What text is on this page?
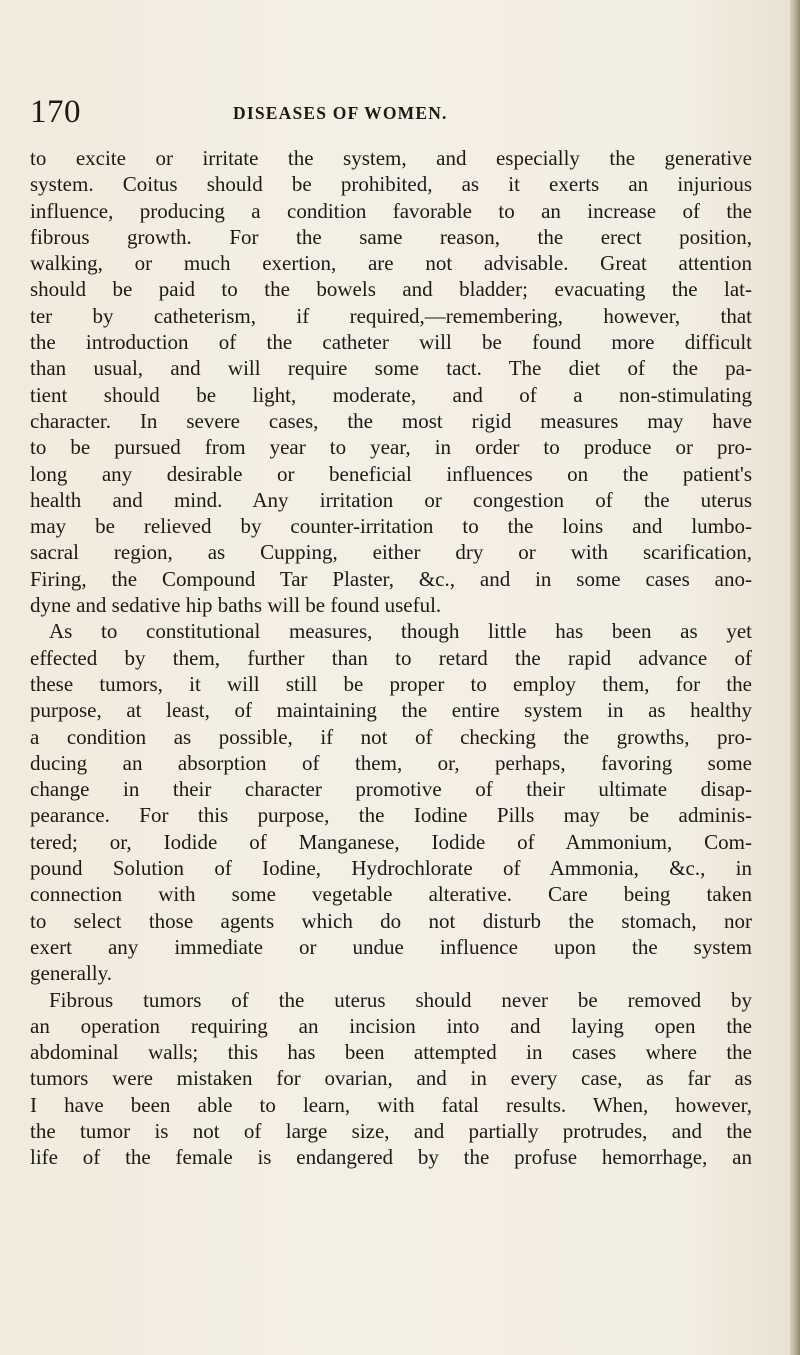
170	DISEASES OF WOMEN.
to excite or irritate the system, and especially the generative
system. Coitus should be prohibited, as it exerts an injurious
influence, producing a condition favorable to an increase of the
fibrous growth. For the same reason, the erect position,
walking, or much exertion, are not advisable. Great attention
should be paid to the bowels and bladder; evacuating the lat-
ter by catheterism, if required,—remembering, however, that
the introduction of the catheter will be found more difficult
than usual, and will require some tact. The diet of the pa-
tient should be light, moderate, and of a non-stimulating
character. In severe cases, the most rigid measures may have
to be pursued from year to year, in order to produce or pro-
long any desirable or beneficial influences on the patient's
health and mind. Any irritation or congestion of the uterus
may be relieved by counter-irritation to the loins and lumbo-
sacral region, as Cupping, either dry or with scarification,
Firing, the Compound Tar Plaster, &c., and in some cases ano-
dyne and sedative hip baths will be found useful.
As to constitutional measures, though little has been as yet
effected by them, further than to retard the rapid advance of
these tumors, it will still be proper to employ them, for the
purpose, at least, of maintaining the entire system in as healthy
a condition as possible, if not of checking the growths, pro-
ducing an absorption of them, or, perhaps, favoring some
change in their character promotive of their ultimate disap-
pearance. For this purpose, the Iodine Pills may be adminis-
tered; or, Iodide of Manganese, Iodide of Ammonium, Com-
pound Solution of Iodine, Hydrochlorate of Ammonia, &c., in
connection with some vegetable alterative. Care being taken
to select those agents which do not disturb the stomach, nor
exert any immediate or undue influence upon the system
generally.
Fibrous tumors of the uterus should never be removed by
an operation requiring an incision into and laying open the
abdominal walls; this has been attempted in cases where the
tumors were mistaken for ovarian, and in every case, as far as
I have been able to learn, with fatal results. When, however,
the tumor is not of large size, and partially protrudes, and the
life of the female is endangered by the profuse hemorrhage, an
